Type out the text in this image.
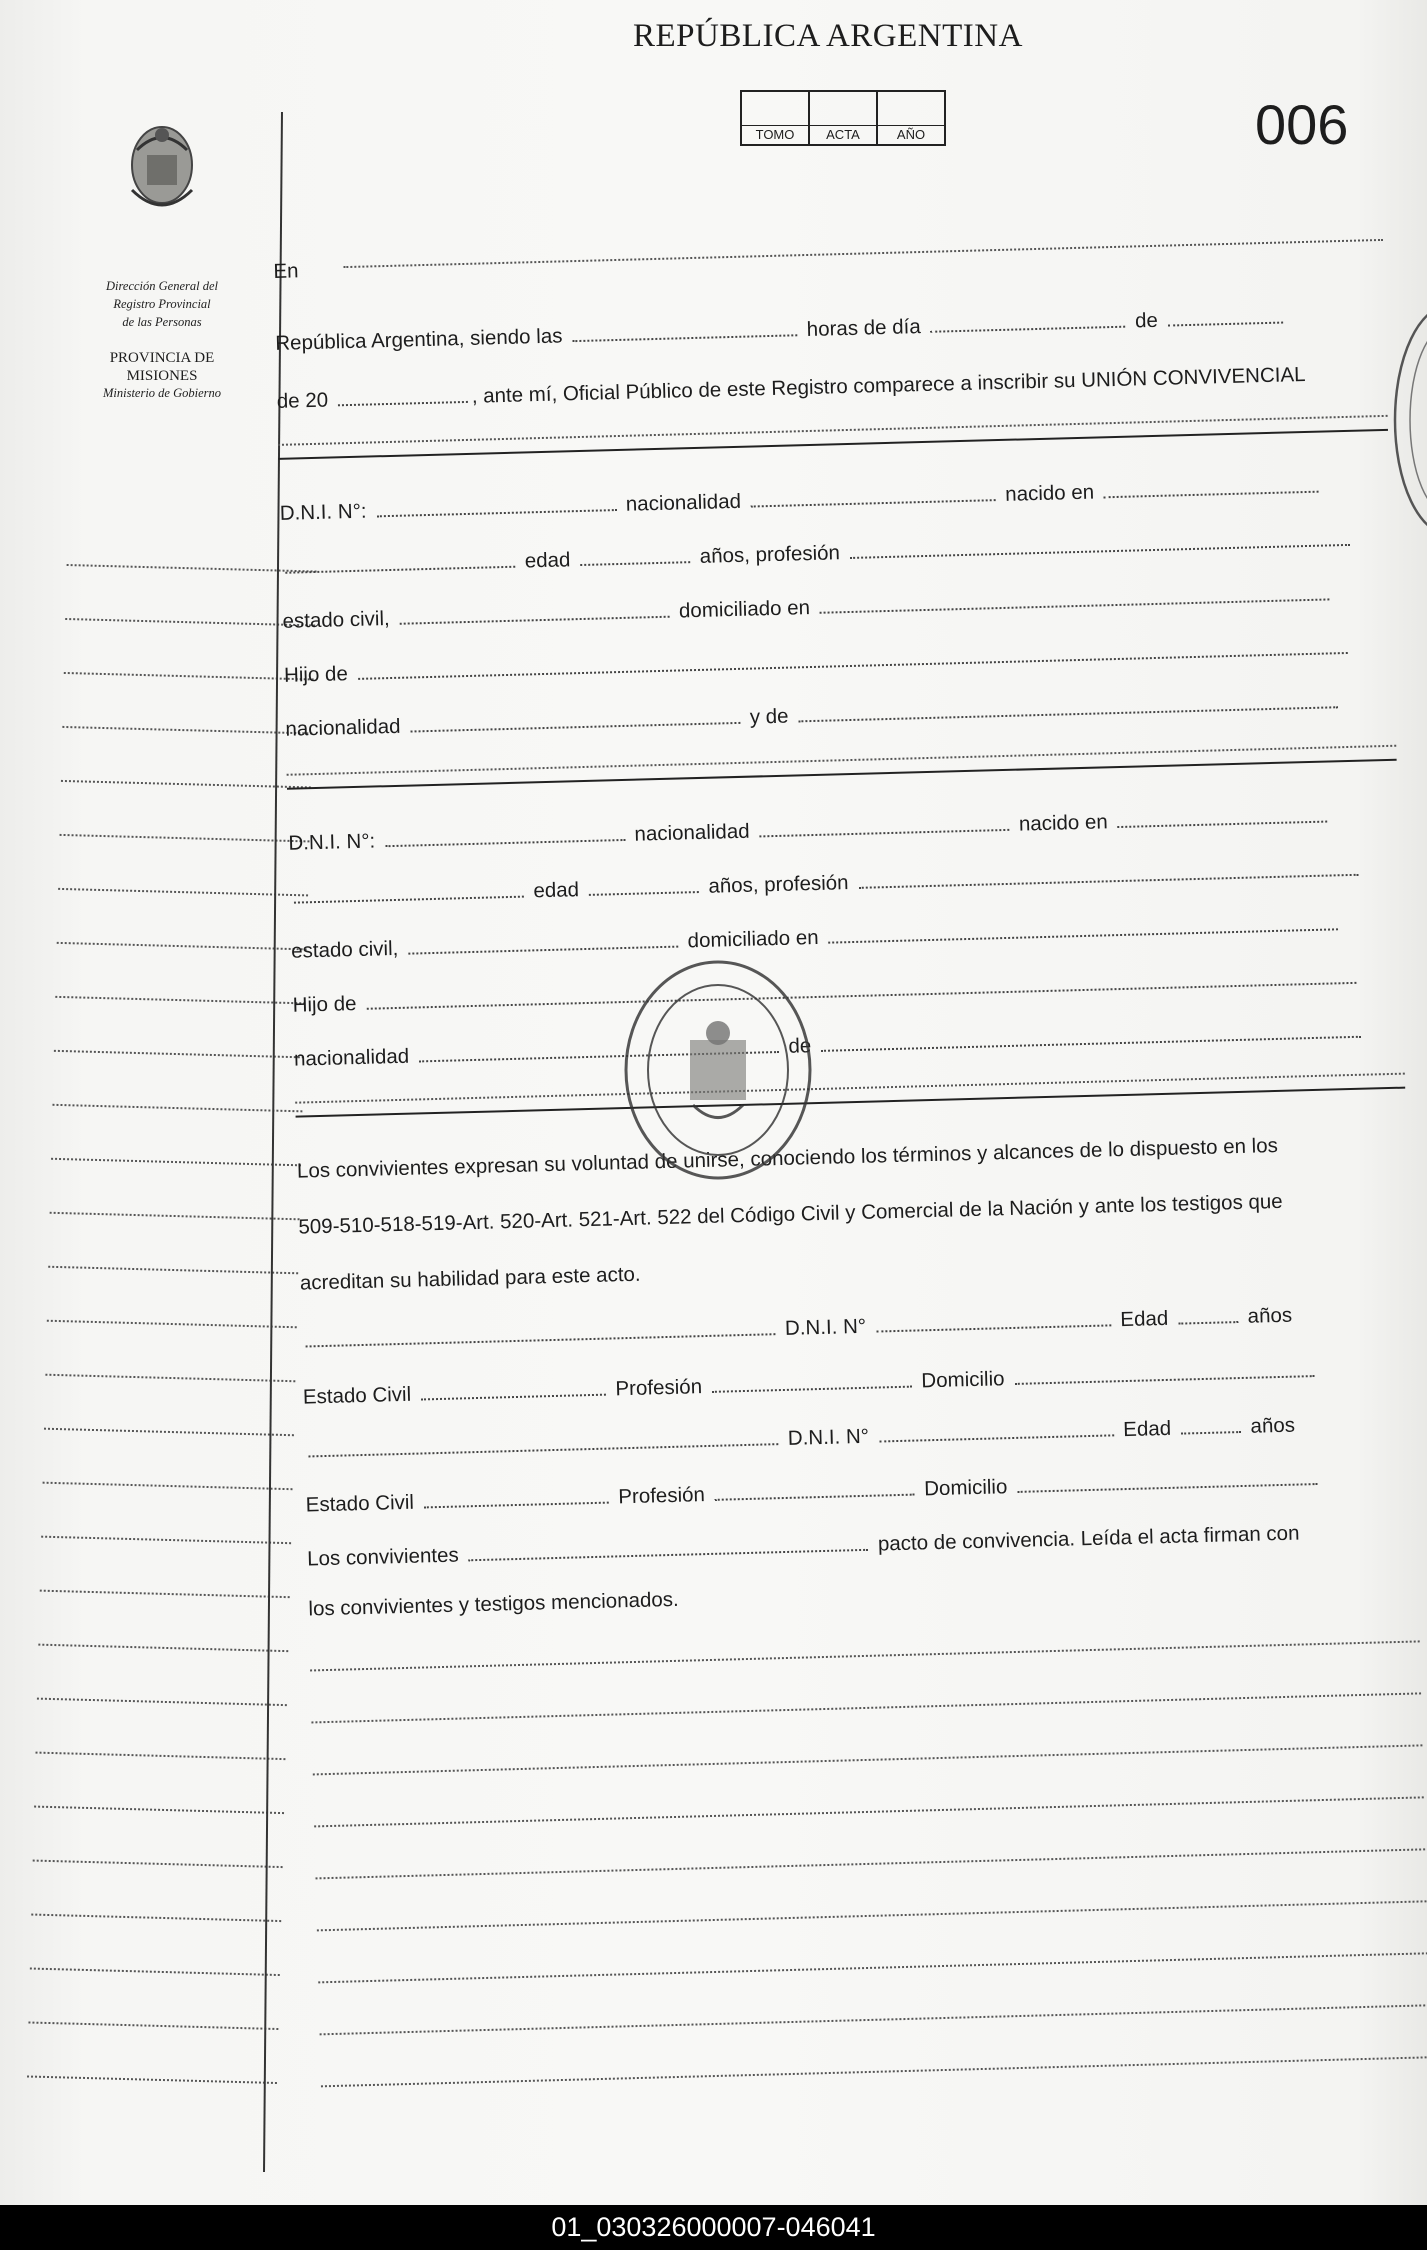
REPÚBLICA ARGENTINA
TOMO	ACTA	AÑO	006
Dirección General del
Registro Provincial
de las Personas
PROVINCIA DE
MISIONES
Ministerio de Gobierno
En
República Argentina, siendo las	horas de día	de
de 20	, ante mí, Oficial Público de este Registro comparece a inscribir su UNIÓN CONVIVENCIAL
D.N.I. N°:	nacionalidad	nacido en
edad	años, profesión
estado civil,	domiciliado en
Hijo de
nacionalidad	y de
D.N.I. N°:	nacionalidad	nacido en
edad	años, profesión
estado civil,	domiciliado en
Hijo de
nacionalidad	de
Los convivientes expresan su voluntad de unirse, conociendo los términos y alcances de lo dispuesto en los
509-510-518-519-Art. 520-Art. 521-Art. 522 del Código Civil y Comercial de la Nación y ante los testigos que
acreditan su habilidad para este acto.
D.N.I. N°	Edad	años
Estado Civil	Profesión	Domicilio
D.N.I. N°	Edad	años
Estado Civil	Profesión	Domicilio
Los convivientes  pacto de convivencia. Leída el acta firman con
los convivientes y testigos mencionados.
01_030326000007-046041
